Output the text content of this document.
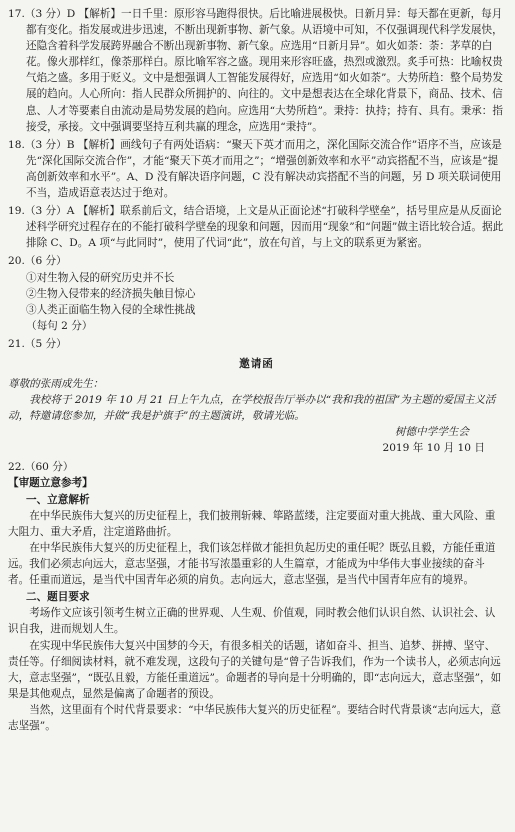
17.（3 分）D 【解析】一日千里：原形容马跑得很快。后比喻进展极快。日新月异：每天都在更新，每月都有变化。指发展或进步迅速，不断出现新事物、新气象。从语境中可知，不仅强调现代科学发展快，还隐含着科学发展跨界融合不断出现新事物、新气象。应选用“日新月异”。如火如荼：荼：茅草的白花。像火那样红，像荼那样白。原比喻军容之盛。现用来形容旺盛，热烈或激烈。炙手可热：比喻权贵气焰之盛。多用于贬义。文中是想强调人工智能发展得好，应选用“如火如荼”。大势所趋：整个局势发展的趋向。人心所向：指人民群众所拥护的、向往的。文中是想表达在全球化背景下，商品、技术、信息、人才等要素自由流动是局势发展的趋向。应选用“大势所趋”。秉持：执持；持有、具有。秉承：指接受，承接。文中强调要坚持互利共赢的理念，应选用“秉持”。
18.（3 分）B 【解析】画线句子有两处语病：“聚天下英才而用之，深化国际交流合作”语序不当，应该是先“深化国际交流合作”，才能“聚天下英才而用之”；“增强创新效率和水平”动宾搭配不当，应该是“提高创新效率和水平”。A、D 没有解决语序问题，C 没有解决动宾搭配不当的问题，另 D 项关联词使用不当，造成语意表达过于绝对。
19.（3 分）A 【解析】联系前后文，结合语境，上文是从正面论述“打破科学壁垒”，括号里应是从反面论述科学研究过程存在的不能打破科学壁垒的现象和问题，因而用“现象”和“问题”做主语比较合适。据此排除 C、D。A 项“与此同时”，使用了代词“此”，放在句首，与上文的联系更为紧密。

20.（6 分）

①对生物入侵的研究历史并不长

②生物入侵带来的经济损失触目惊心

③人类正面临生物入侵的全球性挑战

（每句 2 分）

21.（5 分）

邀请函

尊敬的张雨成先生：

我校将于 2019 年 10 月 21 日上午九点，在学校报告厅举办以“我和我的祖国”为主题的爱国主义活动，特邀请您参加，并做“我是护旗手”的主题演讲，敬请光临。

树德中学学生会

2019 年 10 月 10 日

22.（60 分）

【审题立意参考】

一、立意解析

在中华民族伟大复兴的历史征程上，我们披荆斩棘、筚路蓝缕，注定要面对重大挑战、重大风险、重大阻力、重大矛盾，注定道路曲折。

在中华民族伟大复兴的历史征程上，我们该怎样做才能担负起历史的重任呢？既弘且毅，方能任重道远。我们必须志向远大，意志坚强，才能书写浓墨重彩的人生篇章，才能成为中华伟大事业接续的奋斗者。任重而道远，是当代中国青年必须的肩负。志向远大，意志坚强，是当代中国青年应有的境界。

二、题目要求

考场作文应该引领考生树立正确的世界观、人生观、价值观，同时教会他们认识自然、认识社会、认识自我，进而规划人生。

在实现中华民族伟大复兴中国梦的今天，有很多相关的话题，诸如奋斗、担当、追梦、拼搏、坚守、责任等。仔细阅读材料，就不难发现，这段句子的关键句是“曾子告诉我们，作为一个读书人，必须志向远大，意志坚强”，“既弘且毅，方能任重道远”。命题者的导向是十分明确的，即“志向远大，意志坚强”，如果是其他观点，显然是偏离了命题者的预设。

当然，这里面有个时代背景要求：“中华民族伟大复兴的历史征程”。要结合时代背景谈“志向远大，意志坚强”。
